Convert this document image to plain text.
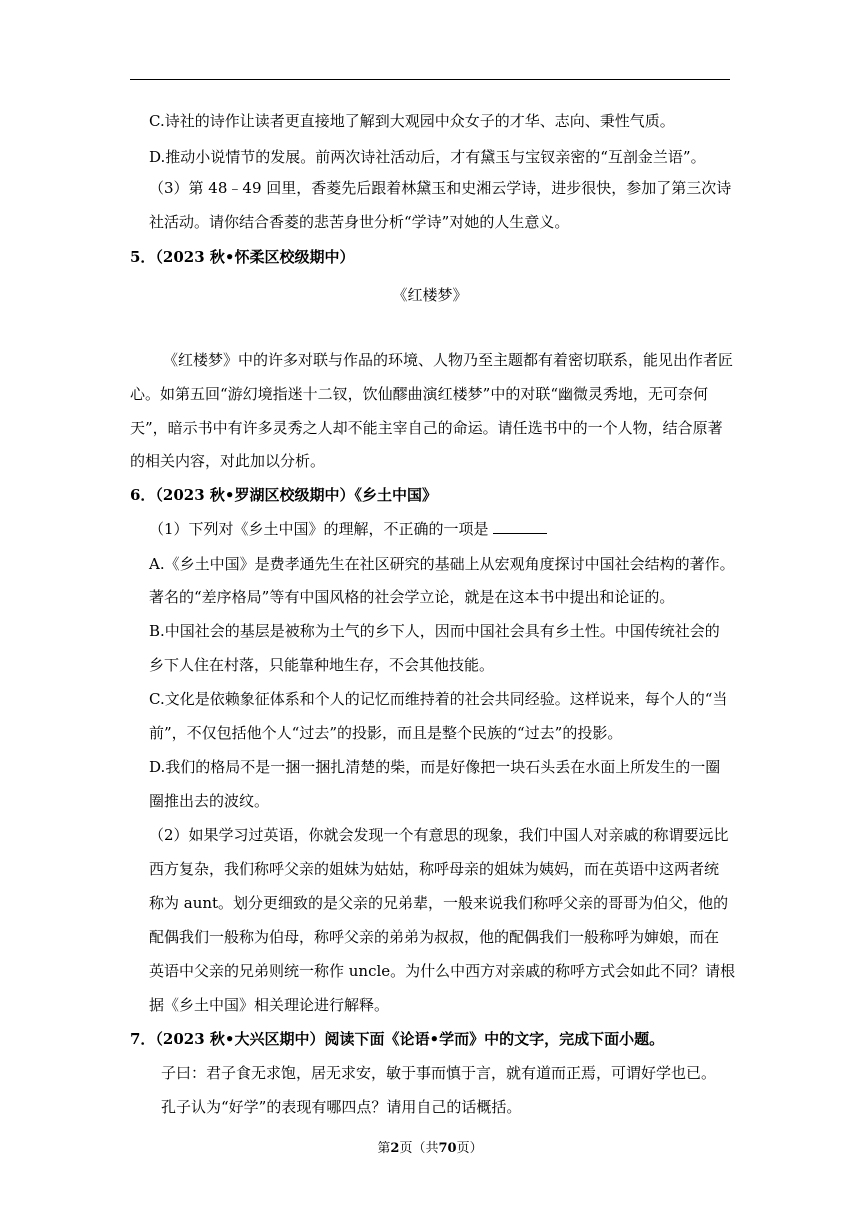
C.诗社的诗作让读者更直接地了解到大观园中众女子的才华、志向、秉性气质。
D.推动小说情节的发展。前两次诗社活动后，才有黛玉与宝钗亲密的“互剖金兰语”。
（3）第 48﹣49 回里，香菱先后跟着林黛玉和史湘云学诗，进步很快，参加了第三次诗
社活动。请你结合香菱的悲苦身世分析“学诗”对她的人生意义。
5．（2023 秋•怀柔区校级期中）
《红楼梦》
《红楼梦》中的许多对联与作品的环境、人物乃至主题都有着密切联系，能见出作者匠
心。如第五回“游幻境指迷十二钗，饮仙醪曲演红楼梦”中的对联“幽微灵秀地，无可奈何
天”，暗示书中有许多灵秀之人却不能主宰自己的命运。请任选书中的一个人物，结合原著
的相关内容，对此加以分析。
6．（2023 秋•罗湖区校级期中）《乡土中国》
（1）下列对《乡土中国》的理解，不正确的一项是
A.《乡土中国》是费孝通先生在社区研究的基础上从宏观角度探讨中国社会结构的著作。
著名的“差序格局”等有中国风格的社会学立论，就是在这本书中提出和论证的。
B.中国社会的基层是被称为土气的乡下人，因而中国社会具有乡土性。中国传统社会的
乡下人住在村落，只能靠种地生存，不会其他技能。
C.文化是依赖象征体系和个人的记忆而维持着的社会共同经验。这样说来，每个人的“当
前”，不仅包括他个人“过去”的投影，而且是整个民族的“过去”的投影。
D.我们的格局不是一捆一捆扎清楚的柴，而是好像把一块石头丢在水面上所发生的一圈
圈推出去的波纹。
（2）如果学习过英语，你就会发现一个有意思的现象，我们中国人对亲戚的称谓要远比
西方复杂，我们称呼父亲的姐妹为姑姑，称呼母亲的姐妹为姨妈，而在英语中这两者统
称为 aunt。划分更细致的是父亲的兄弟辈，一般来说我们称呼父亲的哥哥为伯父，他的
配偶我们一般称为伯母，称呼父亲的弟弟为叔叔，他的配偶我们一般称呼为婶娘，而在
英语中父亲的兄弟则统一称作 uncle。为什么中西方对亲戚的称呼方式会如此不同？请根
据《乡土中国》相关理论进行解释。
7．（2023 秋•大兴区期中）阅读下面《论语•学而》中的文字，完成下面小题。
子曰：君子食无求饱，居无求安，敏于事而慎于言，就有道而正焉，可谓好学也已。
孔子认为“好学”的表现有哪四点？请用自己的话概括。
第2页（共70页）
